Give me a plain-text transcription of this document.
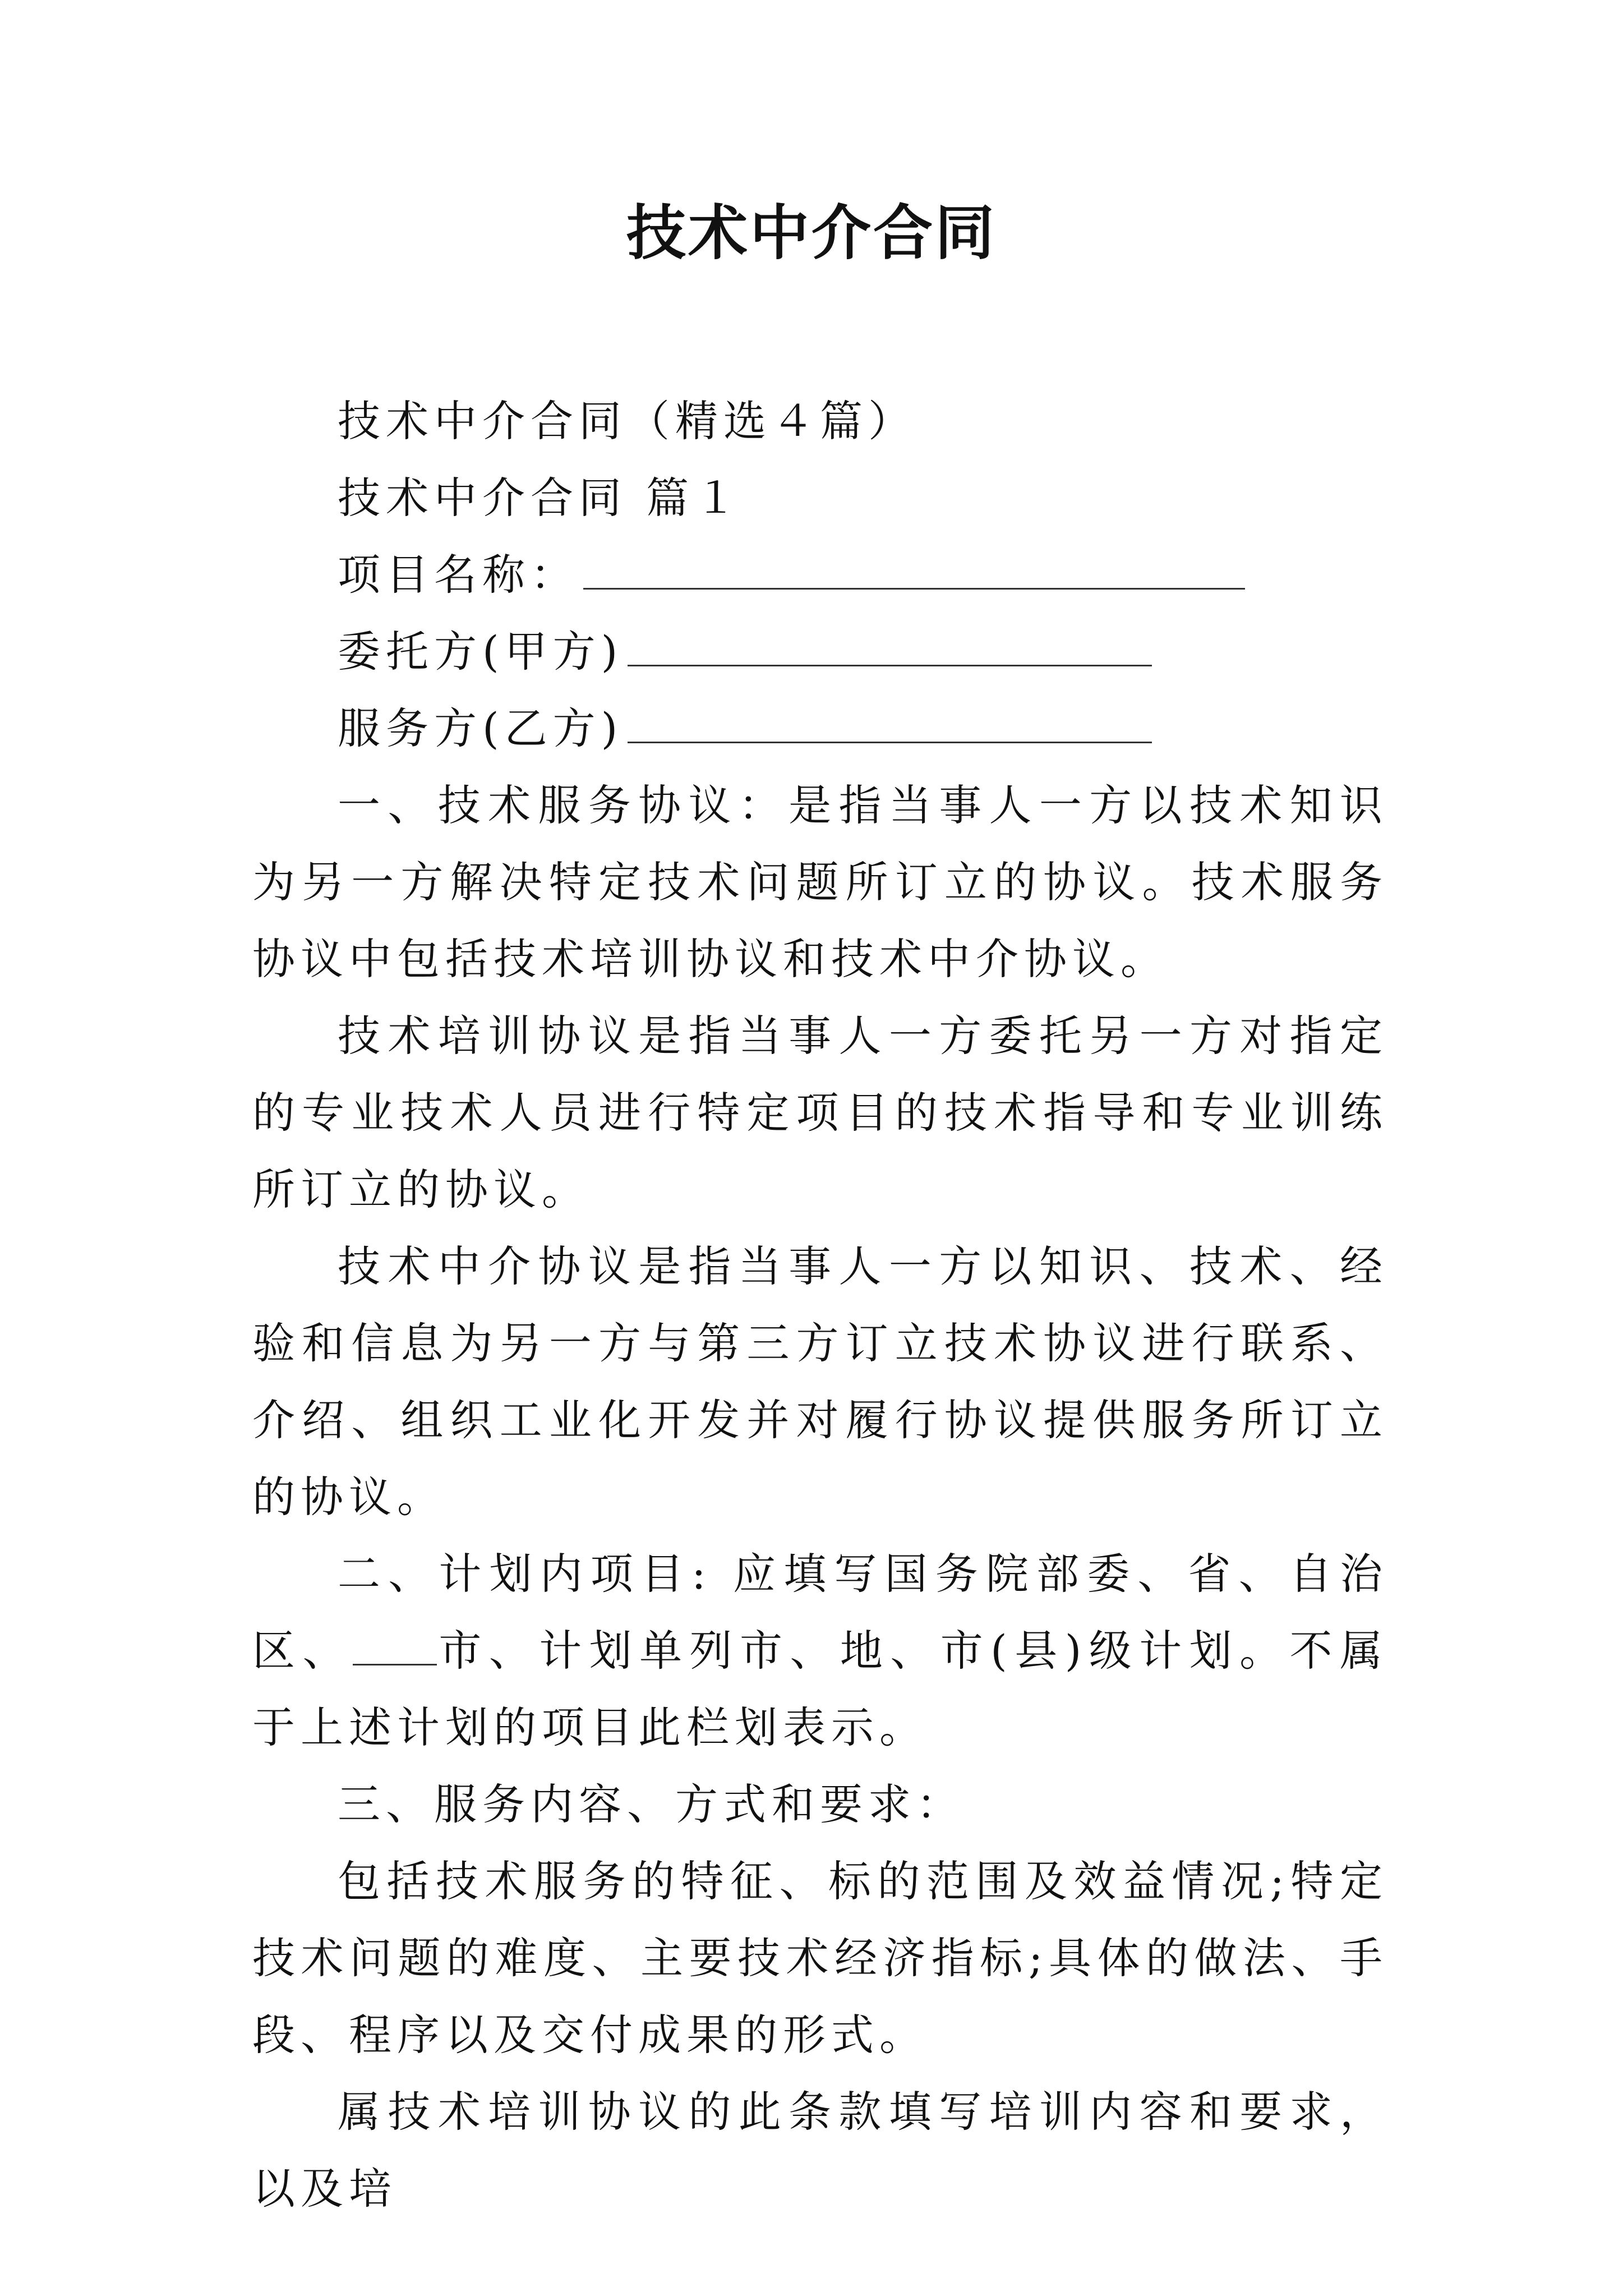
技术中介合同

技术中介合同（精选４篇）

技术中介合同 篇１

项目名称：
委托方(甲方)
服务方(乙方)

一、技术服务协议：是指当事人一方以技术知识为另一方解决特定技术问题所订立的协议。技术服务协议中包括技术培训协议和技术中介协议。

技术培训协议是指当事人一方委托另一方对指定的专业技术人员进行特定项目的技术指导和专业训练所订立的协议。

技术中介协议是指当事人一方以知识、技术、经验和信息为另一方与第三方订立技术协议进行联系、介绍、组织工业化开发并对履行协议提供服务所订立的协议。

二、计划内项目: 应填写国务院部委、省、自治区、 市、计划单列市、地、市(县)级计划。不属于上述计划的项目此栏划表示。

三、服务内容、方式和要求：

包括技术服务的特征、标的范围及效益情况;特定技术问题的难度、主要技术经济指标;具体的做法、手段、程序以及交付成果的形式。

属技术培训协议的此条款填写培训内容和要求，以及培
